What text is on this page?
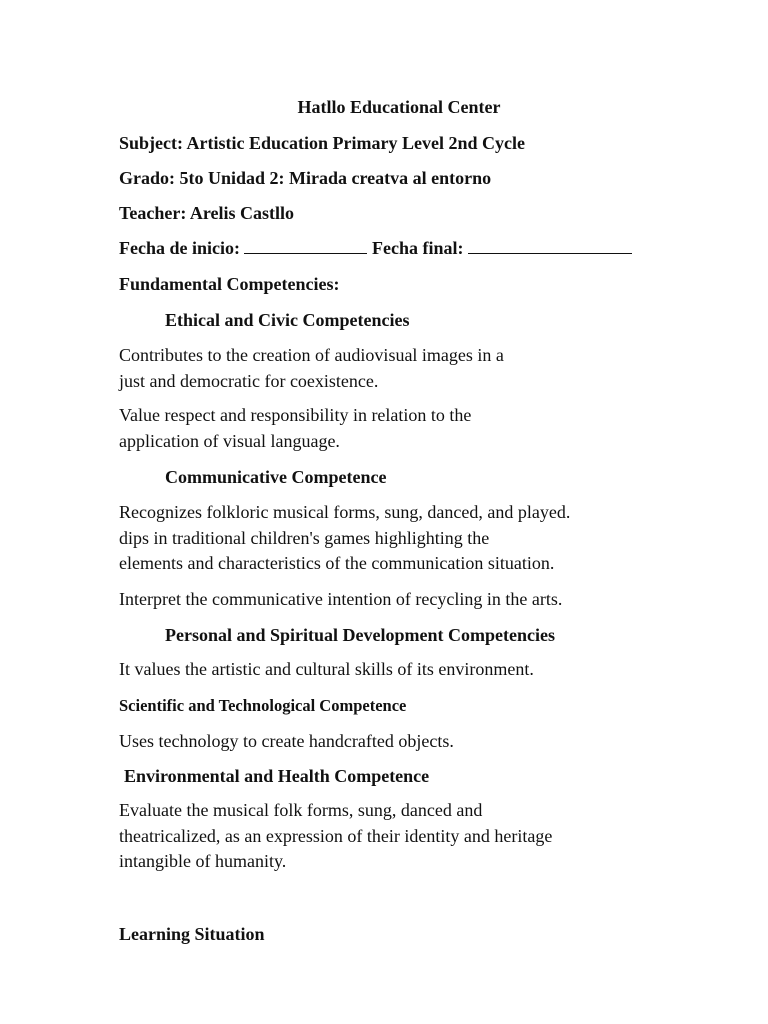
Hatllo Educational Center
Subject: Artistic Education Primary Level 2nd Cycle
Grado: 5to Unidad 2: Mirada creatva al entorno
Teacher: Arelis Castllo
Fecha de inicio:	Fecha final:
Fundamental Competencies:
Ethical and Civic Competencies
Contributes to the creation of audiovisual images in a
just and democratic for coexistence.
Value respect and responsibility in relation to the
application of visual language.
Communicative Competence
Recognizes folkloric musical forms, sung, danced, and played.
dips in traditional children's games highlighting the
elements and characteristics of the communication situation.
Interpret the communicative intention of recycling in the arts.
Personal and Spiritual Development Competencies
It values the artistic and cultural skills of its environment.
Scientific and Technological Competence
Uses technology to create handcrafted objects.
Environmental and Health Competence
Evaluate the musical folk forms, sung, danced and
theatricalized, as an expression of their identity and heritage
intangible of humanity.
Learning Situation
